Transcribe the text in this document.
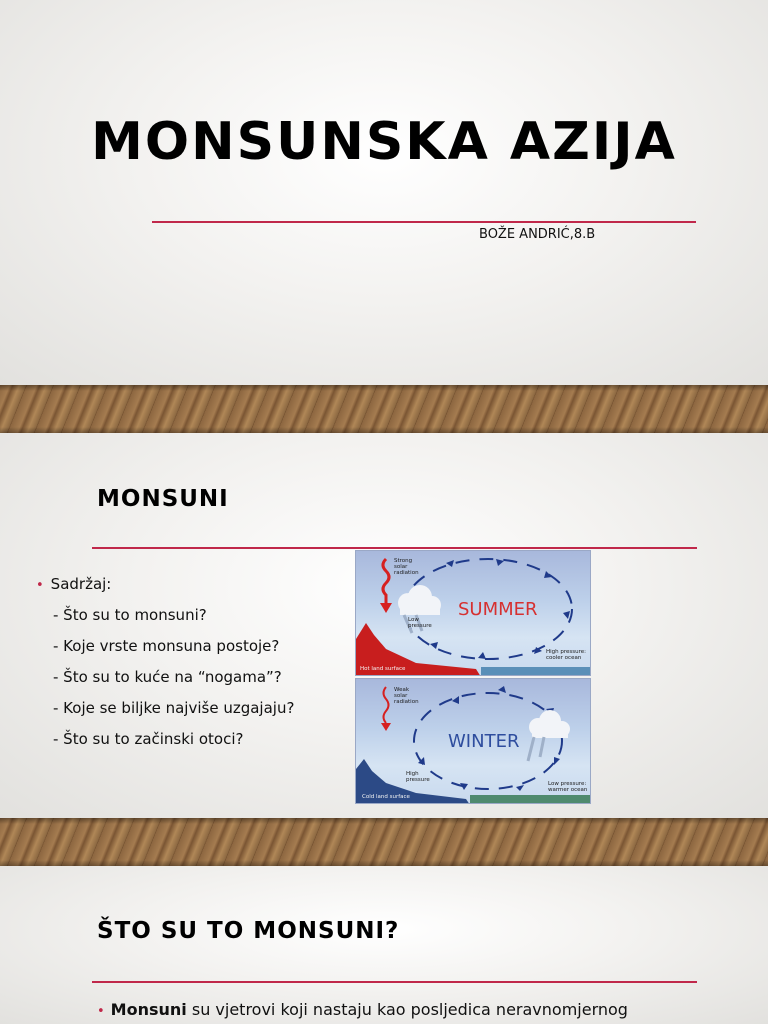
MONSUNSKA AZIJA
BOŽE ANDRIĆ,8.B
MONSUNI
• Sadržaj:
- Što su to monsuni?
- Koje vrste monsuna postoje?
- Što su to kuće na “nogama”?
- Koje se biljke najviše uzgajaju?
- Što su to začinski otoci?
Strong
solar
radiation
Low
pressure
High pressure:
cooler ocean
Hot land surface
SUMMER
Weak
solar
radiation
High
pressure
Low pressure:
warmer ocean
Cold land surface
WINTER
ŠTO SU TO MONSUNI?
• Monsuni su vjetrovi koji nastaju kao posljedica neravnomjernog
